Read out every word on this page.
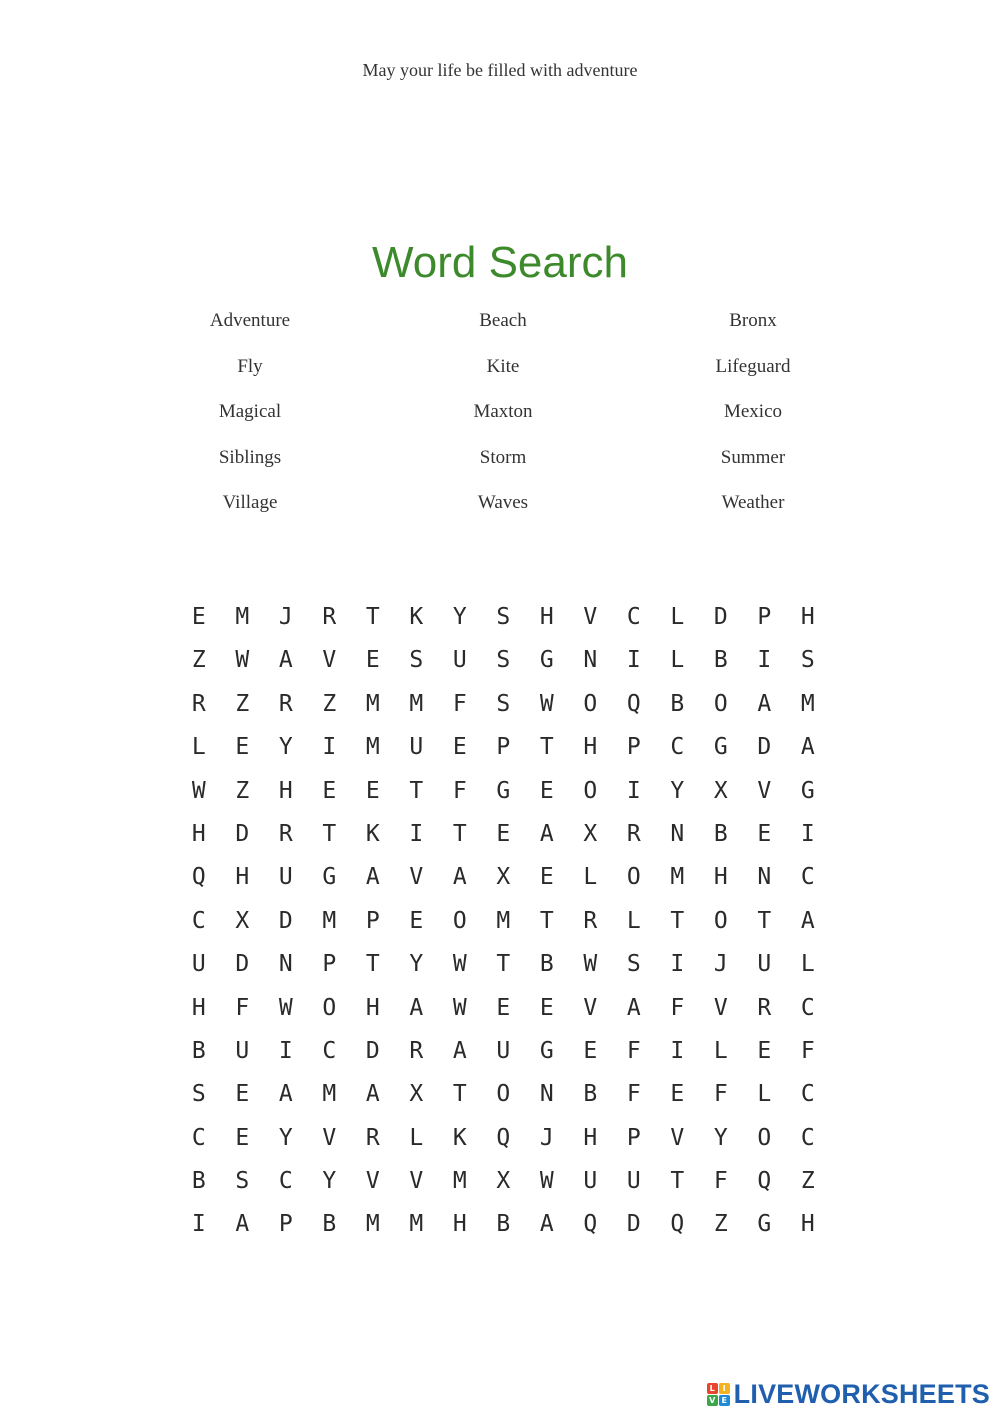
May your life be filled with adventure
Word Search
Adventure	Beach	Bronx
Fly	Kite	Lifeguard
Magical	Maxton	Mexico
Siblings	Storm	Summer
Village	Waves	Weather
E	M	J	R	T	K	Y	S	H	V	C	L	D	P	H
Z	W	A	V	E	S	U	S	G	N	I	L	B	I	S
R	Z	R	Z	M	M	F	S	W	O	Q	B	O	A	M
L	E	Y	I	M	U	E	P	T	H	P	C	G	D	A
W	Z	H	E	E	T	F	G	E	O	I	Y	X	V	G
H	D	R	T	K	I	T	E	A	X	R	N	B	E	I
Q	H	U	G	A	V	A	X	E	L	O	M	H	N	C
C	X	D	M	P	E	O	M	T	R	L	T	O	T	A
U	D	N	P	T	Y	W	T	B	W	S	I	J	U	L
H	F	W	O	H	A	W	E	E	V	A	F	V	R	C
B	U	I	C	D	R	A	U	G	E	F	I	L	E	F
S	E	A	M	A	X	T	O	N	B	F	E	F	L	C
C	E	Y	V	R	L	K	Q	J	H	P	V	Y	O	C
B	S	C	Y	V	V	M	X	W	U	U	T	F	Q	Z
I	A	P	B	M	M	H	B	A	Q	D	Q	Z	G	H
L I
V E LIVEWORKSHEETS
